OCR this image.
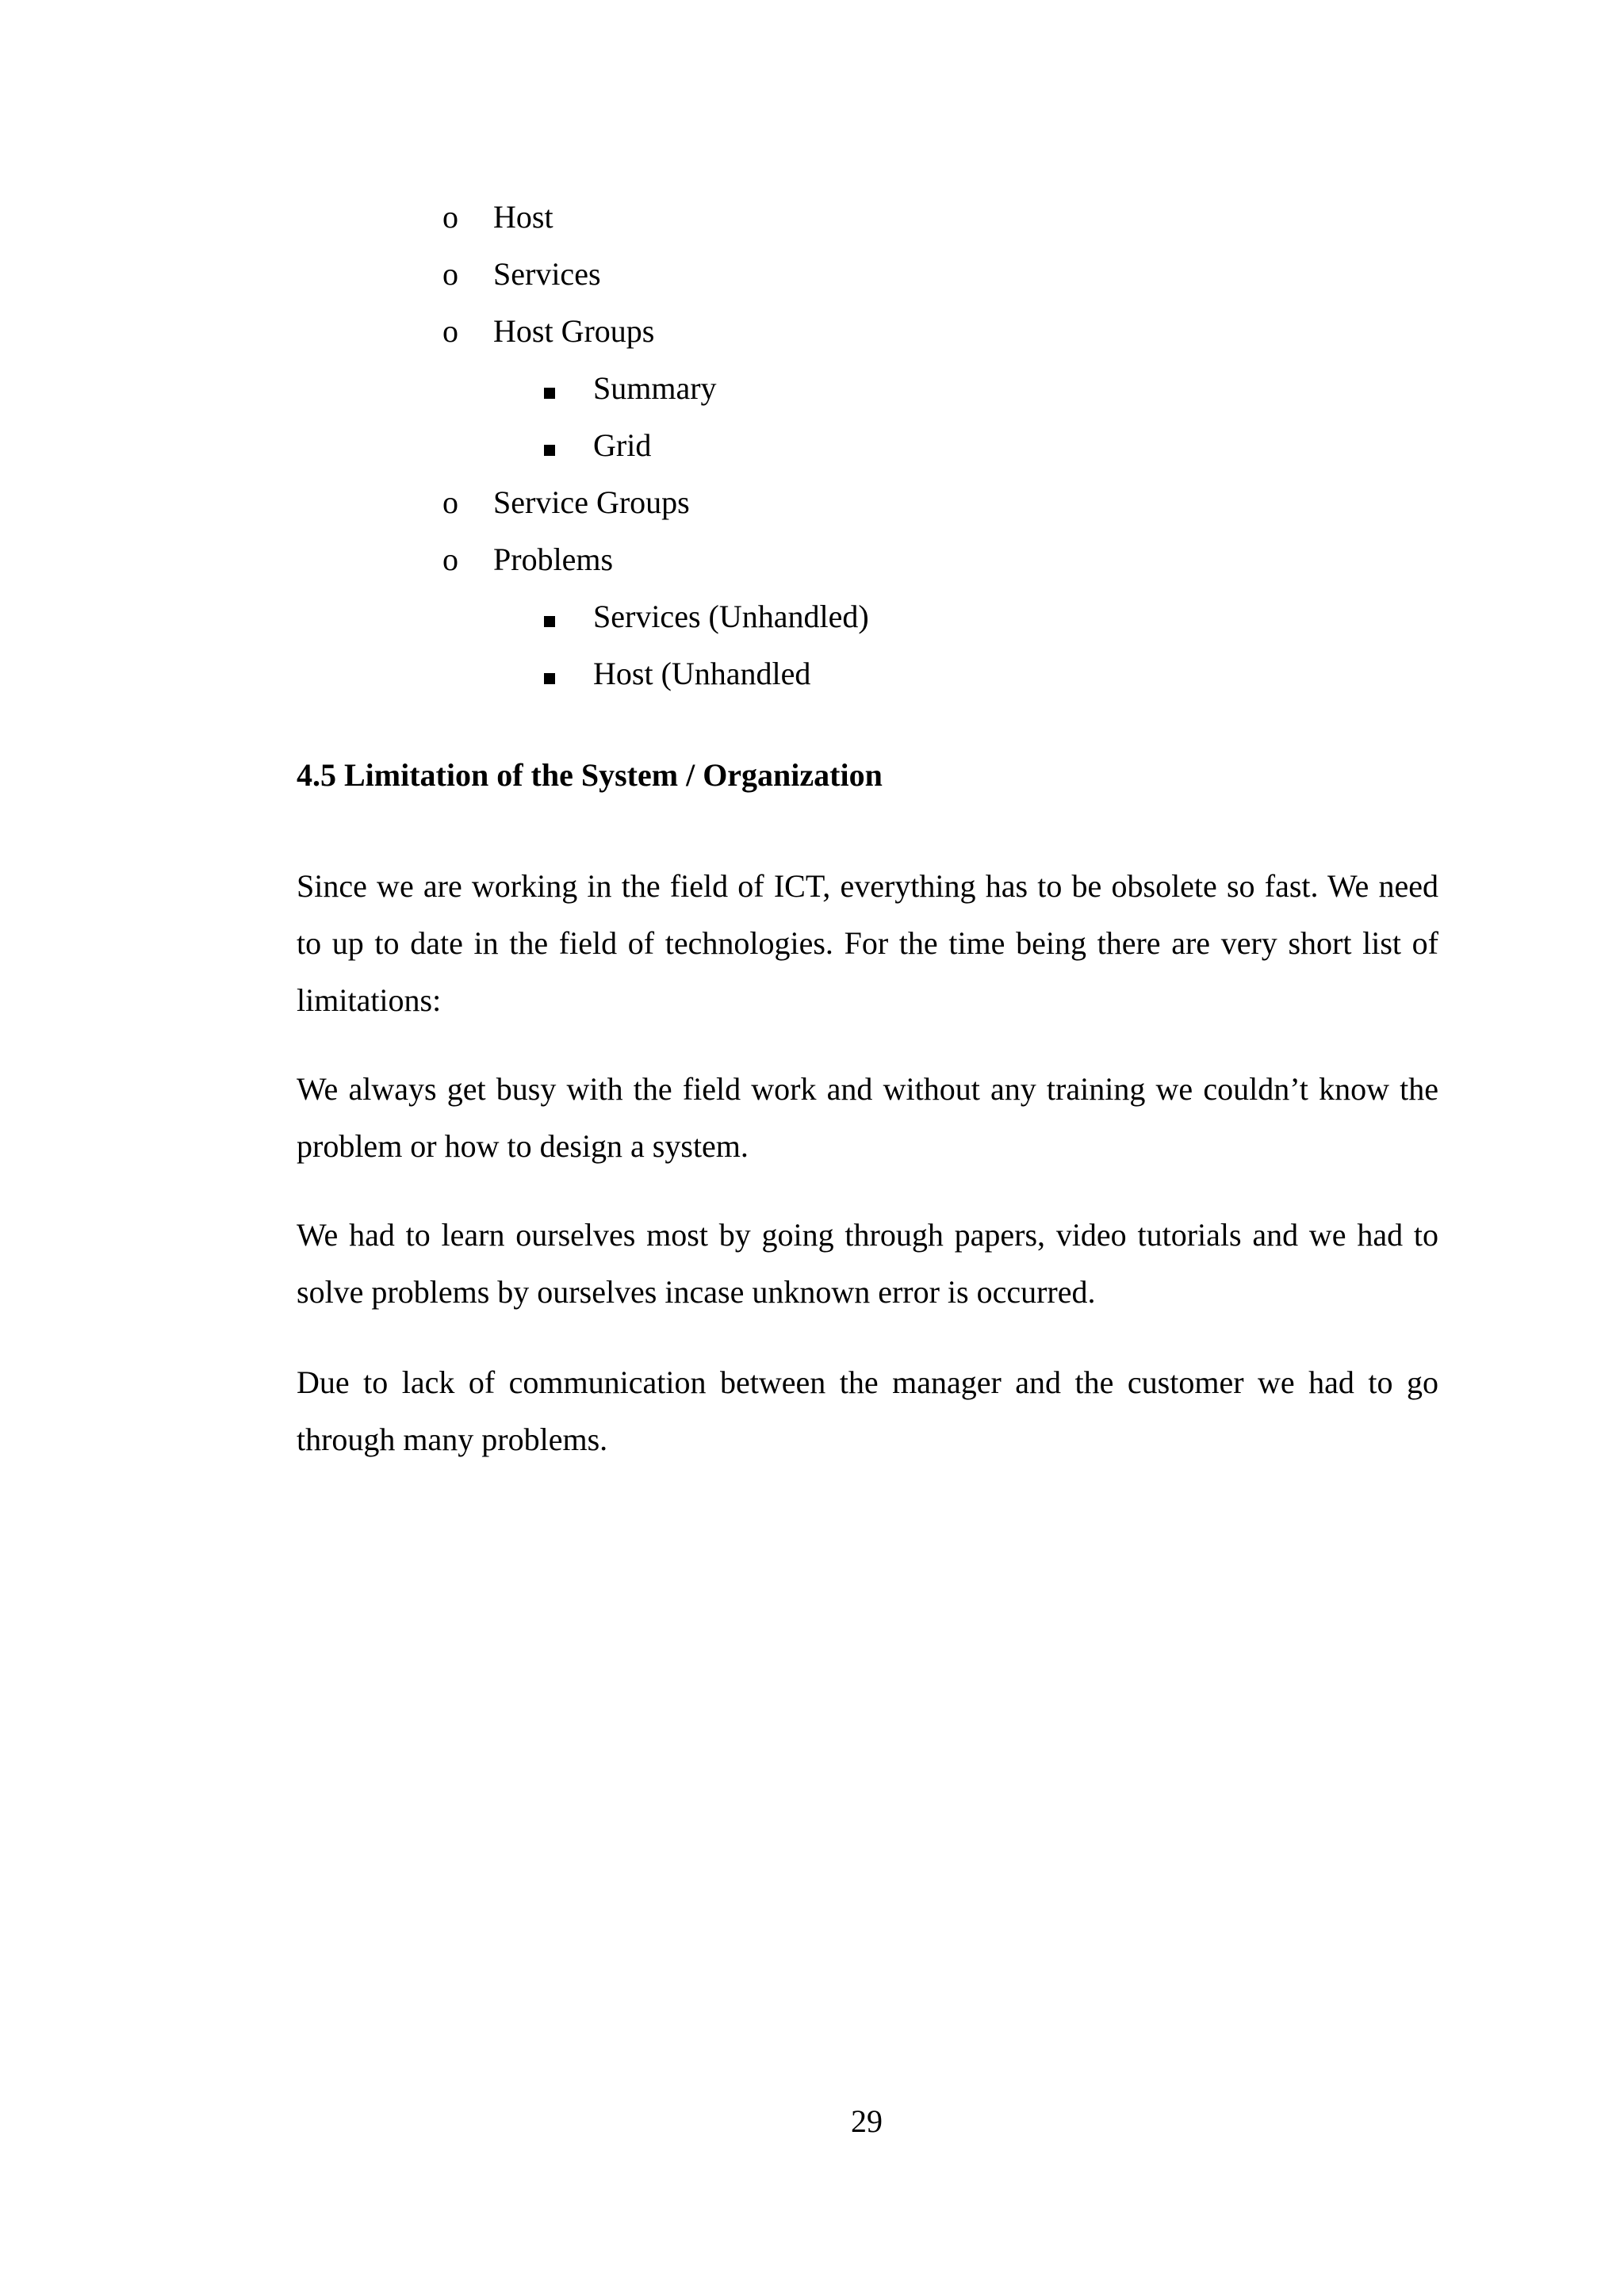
o Host
o Services
o Host Groups
Summary
Grid
o Service Groups
o Problems
Services (Unhandled)
Host (Unhandled
4.5 Limitation of the System / Organization

Since we are working in the field of ICT, everything has to be obsolete so fast. We need to up to date in the field of technologies. For the time being there are very short list of limitations:

We always get busy with the field work and without any training we couldn’t know the problem or how to design a system.

We had to learn ourselves most by going through papers, video tutorials and we had to solve problems by ourselves incase unknown error is occurred.

Due to lack of communication between the manager and the customer we had to go through many problems.

29
